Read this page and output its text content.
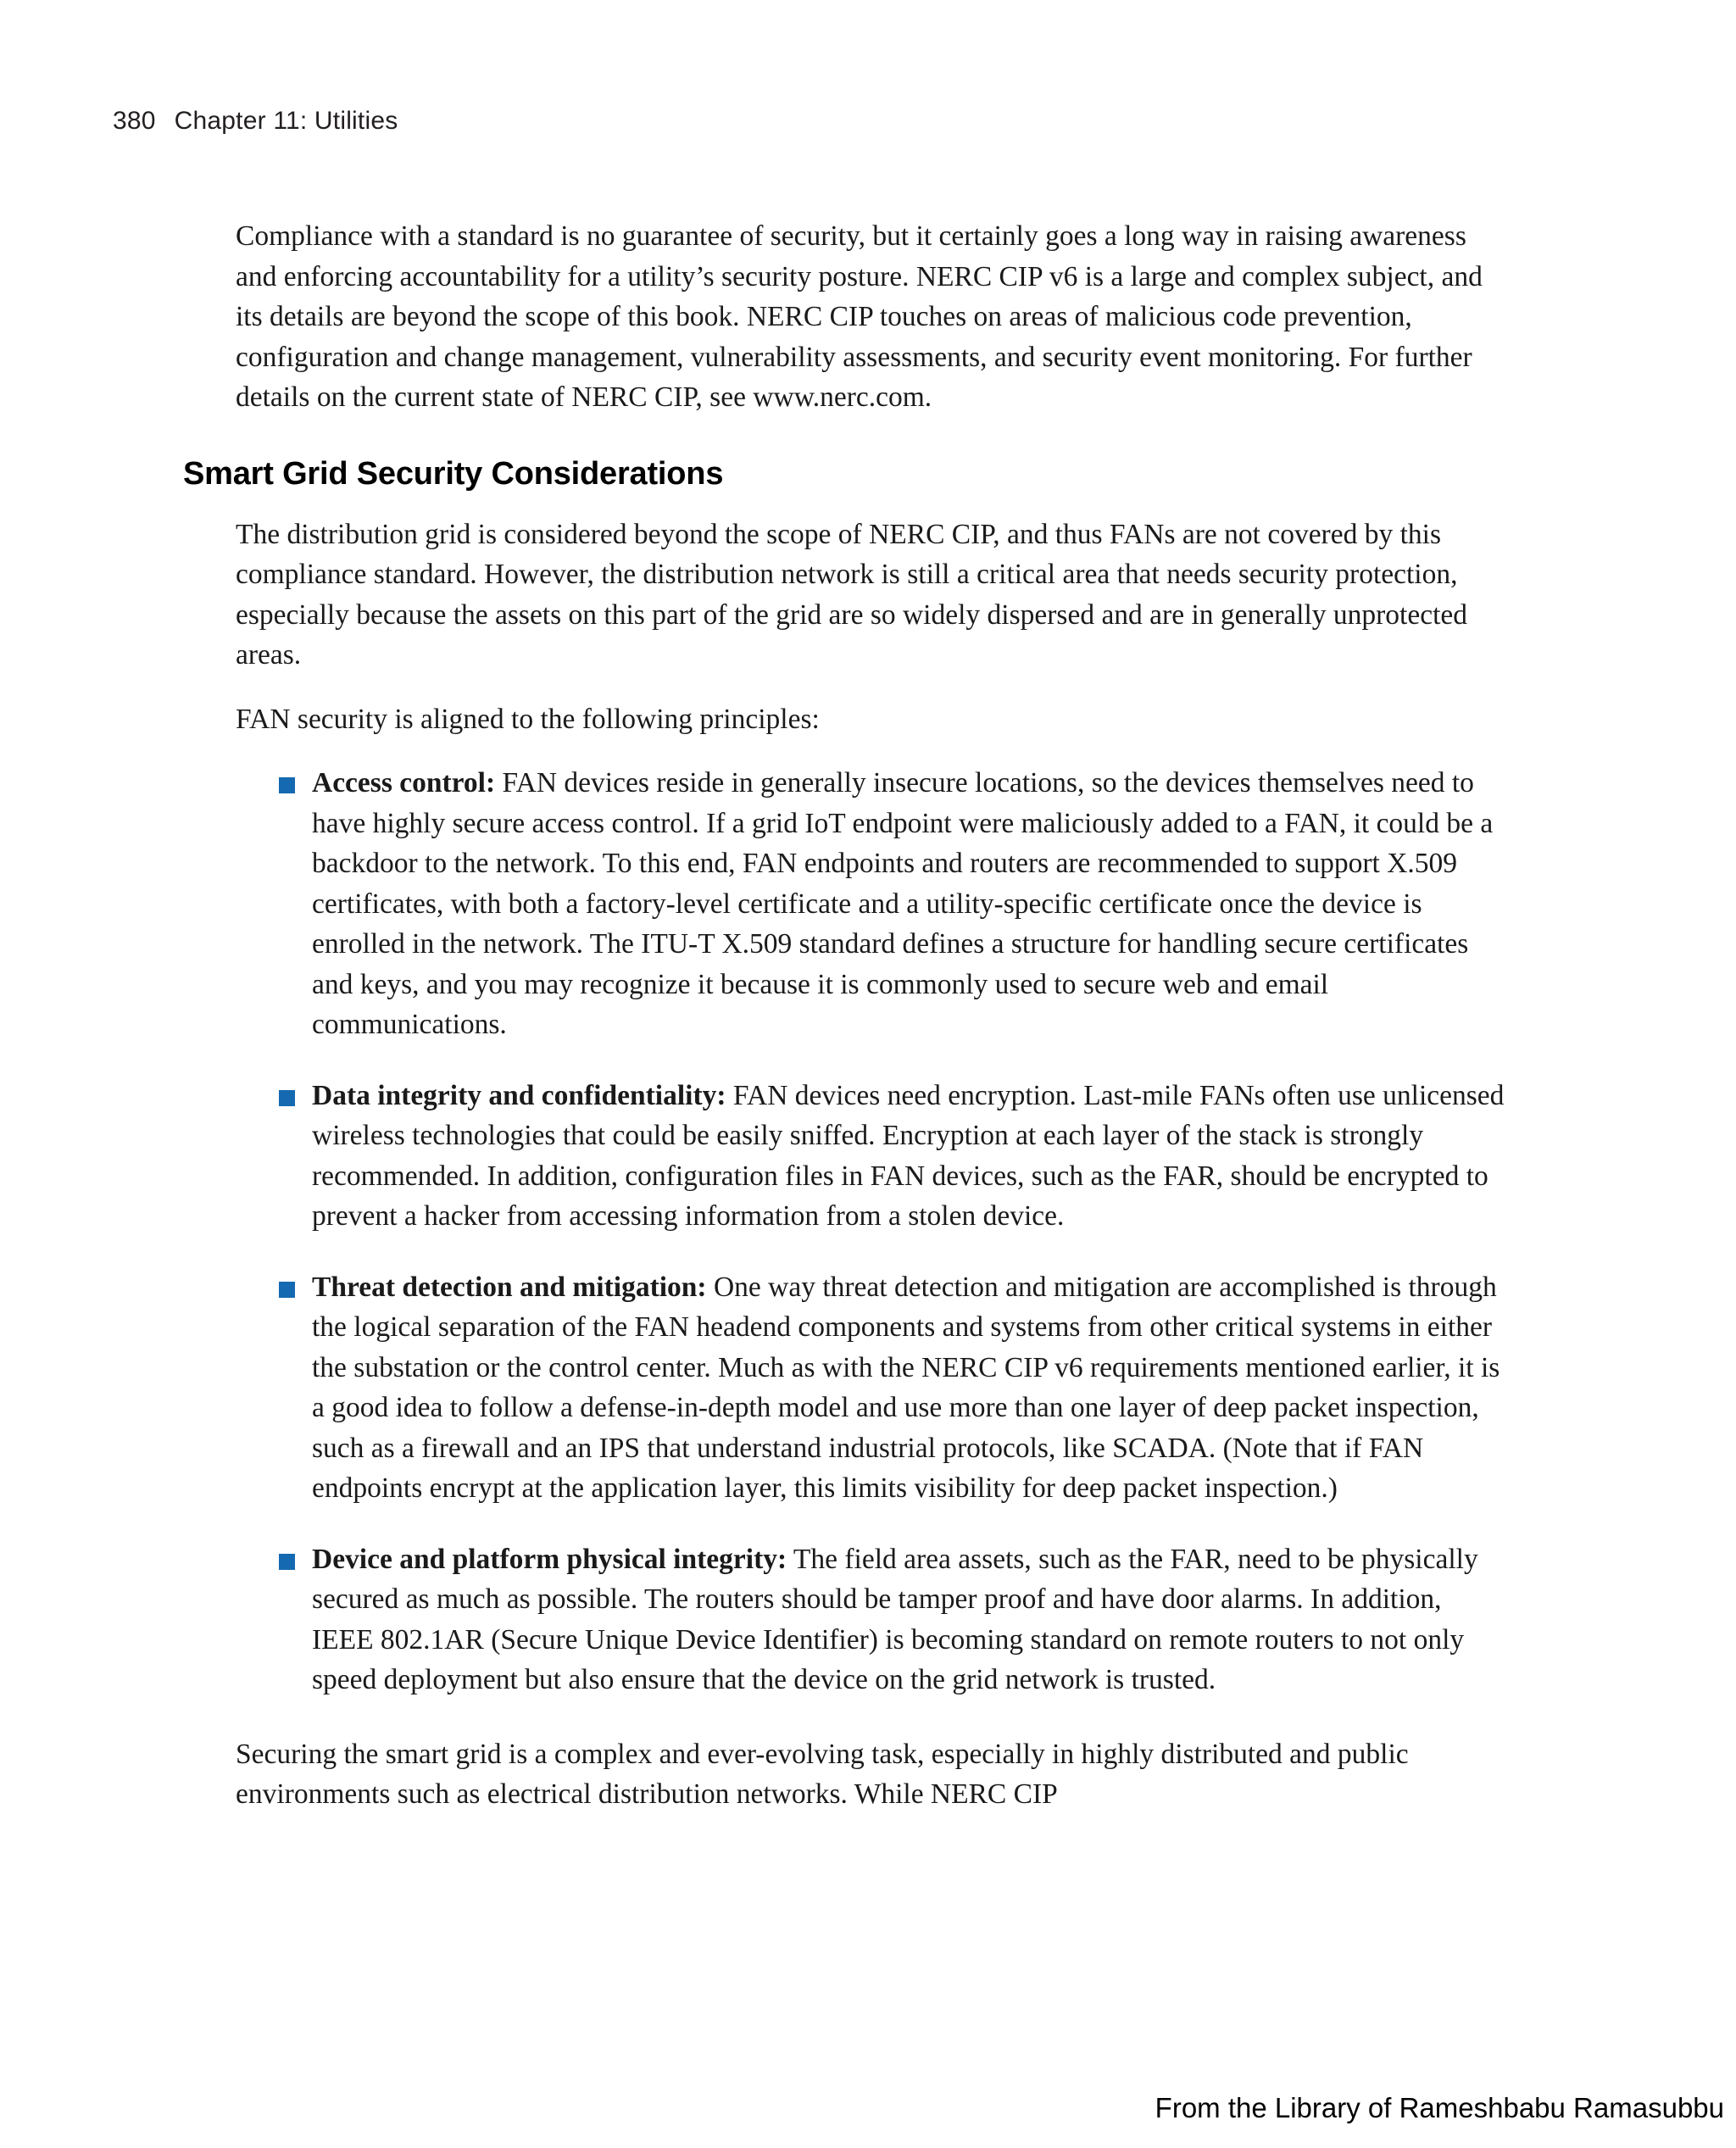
380 Chapter 11: Utilities

Compliance with a standard is no guarantee of security, but it certainly goes a long way in raising awareness and enforcing accountability for a utility’s security posture. NERC CIP v6 is a large and complex subject, and its details are beyond the scope of this book. NERC CIP touches on areas of malicious code prevention, configuration and change management, vulnerability assessments, and security event monitoring. For further details on the current state of NERC CIP, see www.nerc.com.

Smart Grid Security Considerations

The distribution grid is considered beyond the scope of NERC CIP, and thus FANs are not covered by this compliance standard. However, the distribution network is still a critical area that needs security protection, especially because the assets on this part of the grid are so widely dispersed and are in generally unprotected areas.

FAN security is aligned to the following principles:

Access control: FAN devices reside in generally insecure locations, so the devices themselves need to have highly secure access control. If a grid IoT endpoint were maliciously added to a FAN, it could be a backdoor to the network. To this end, FAN endpoints and routers are recommended to support X.509 certificates, with both a factory-level certificate and a utility-specific certificate once the device is enrolled in the network. The ITU-T X.509 standard defines a structure for handling secure certificates and keys, and you may recognize it because it is commonly used to secure web and email communications.
Data integrity and confidentiality: FAN devices need encryption. Last-mile FANs often use unlicensed wireless technologies that could be easily sniffed. Encryption at each layer of the stack is strongly recommended. In addition, configuration files in FAN devices, such as the FAR, should be encrypted to prevent a hacker from accessing information from a stolen device.
Threat detection and mitigation: One way threat detection and mitigation are accomplished is through the logical separation of the FAN headend components and systems from other critical systems in either the substation or the control center. Much as with the NERC CIP v6 requirements mentioned earlier, it is a good idea to follow a defense-in-depth model and use more than one layer of deep packet inspection, such as a firewall and an IPS that understand industrial protocols, like SCADA. (Note that if FAN endpoints encrypt at the application layer, this limits visibility for deep packet inspection.)
Device and platform physical integrity: The field area assets, such as the FAR, need to be physically secured as much as possible. The routers should be tamper proof and have door alarms. In addition, IEEE 802.1AR (Secure Unique Device Identifier) is becoming standard on remote routers to not only speed deployment but also ensure that the device on the grid network is trusted.

Securing the smart grid is a complex and ever-evolving task, especially in highly distributed and public environments such as electrical distribution networks. While NERC CIP

From the Library of Rameshbabu Ramasubbu
